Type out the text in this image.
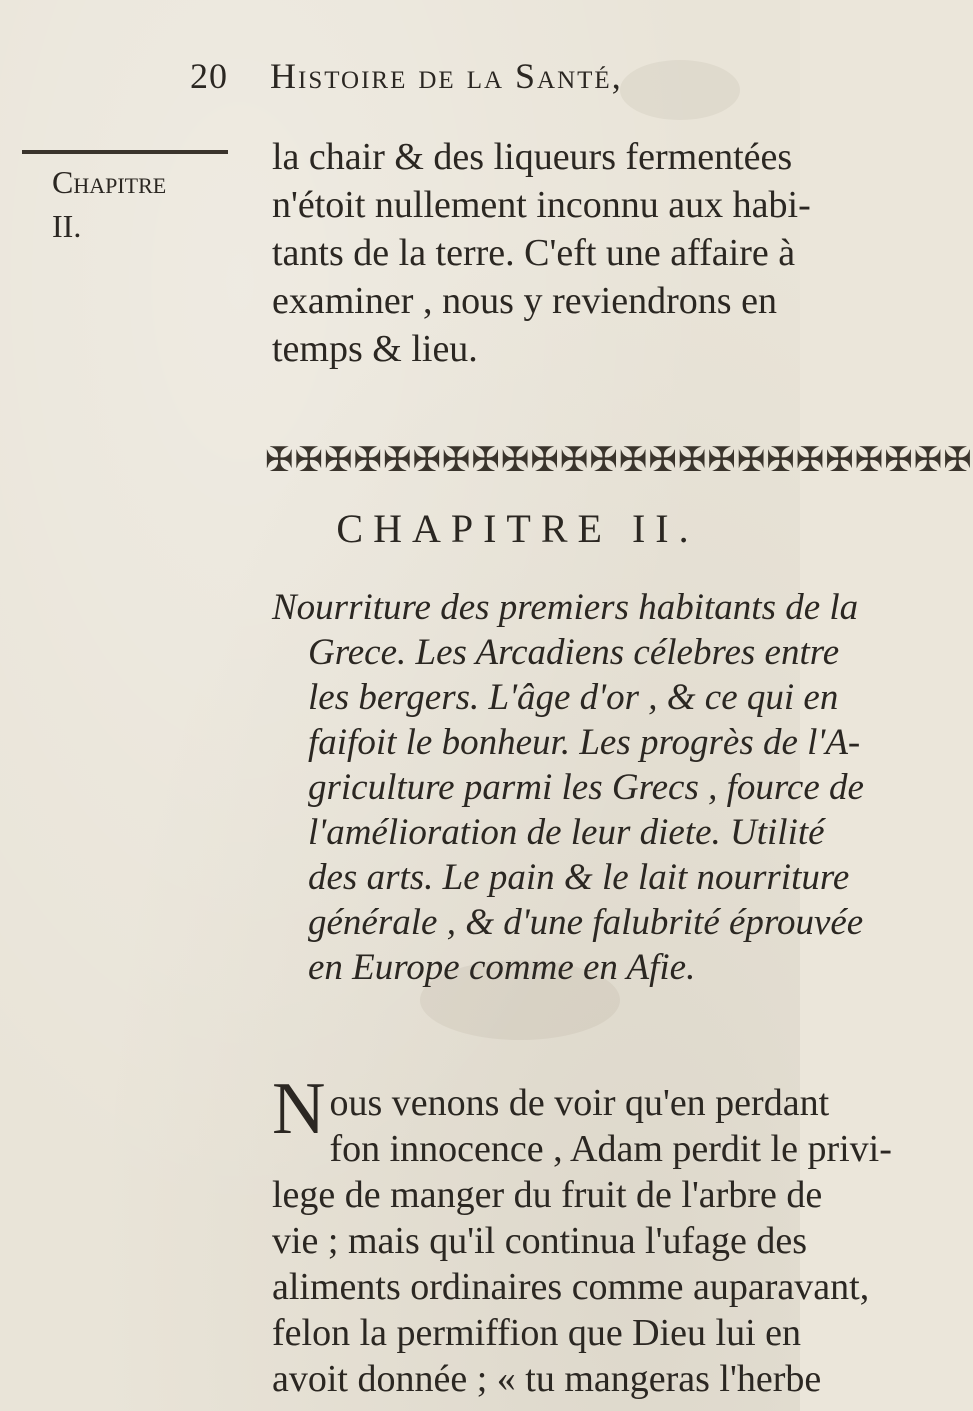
20 Histoire de la Santé,
Chapitre
II.
la chair & des liqueurs fermentées
n'étoit nullement inconnu aux habi-
tants de la terre. C'eft une affaire à
examiner , nous y reviendrons en
temps & lieu.
✠✠✠✠✠✠✠✠✠✠✠✠✠✠✠✠✠✠✠✠✠✠✠✠
CHAPITRE II.
Nourriture des premiers habitants de la
Grece. Les Arcadiens célebres entre
les bergers. L'âge d'or , & ce qui en
faifoit le bonheur. Les progrès de l'A-
griculture parmi les Grecs , fource de
l'amélioration de leur diete. Utilité
des arts. Le pain & le lait nourriture
générale , & d'une falubrité éprouvée
en Europe comme en Afie.
N ous venons de voir qu'en perdant
fon innocence , Adam perdit le privi-
lege de manger du fruit de l'arbre de
vie ; mais qu'il continua l'ufage des
aliments ordinaires comme auparavant,
felon la permiffion que Dieu lui en
avoit donnée ; « tu mangeras l'herbe
